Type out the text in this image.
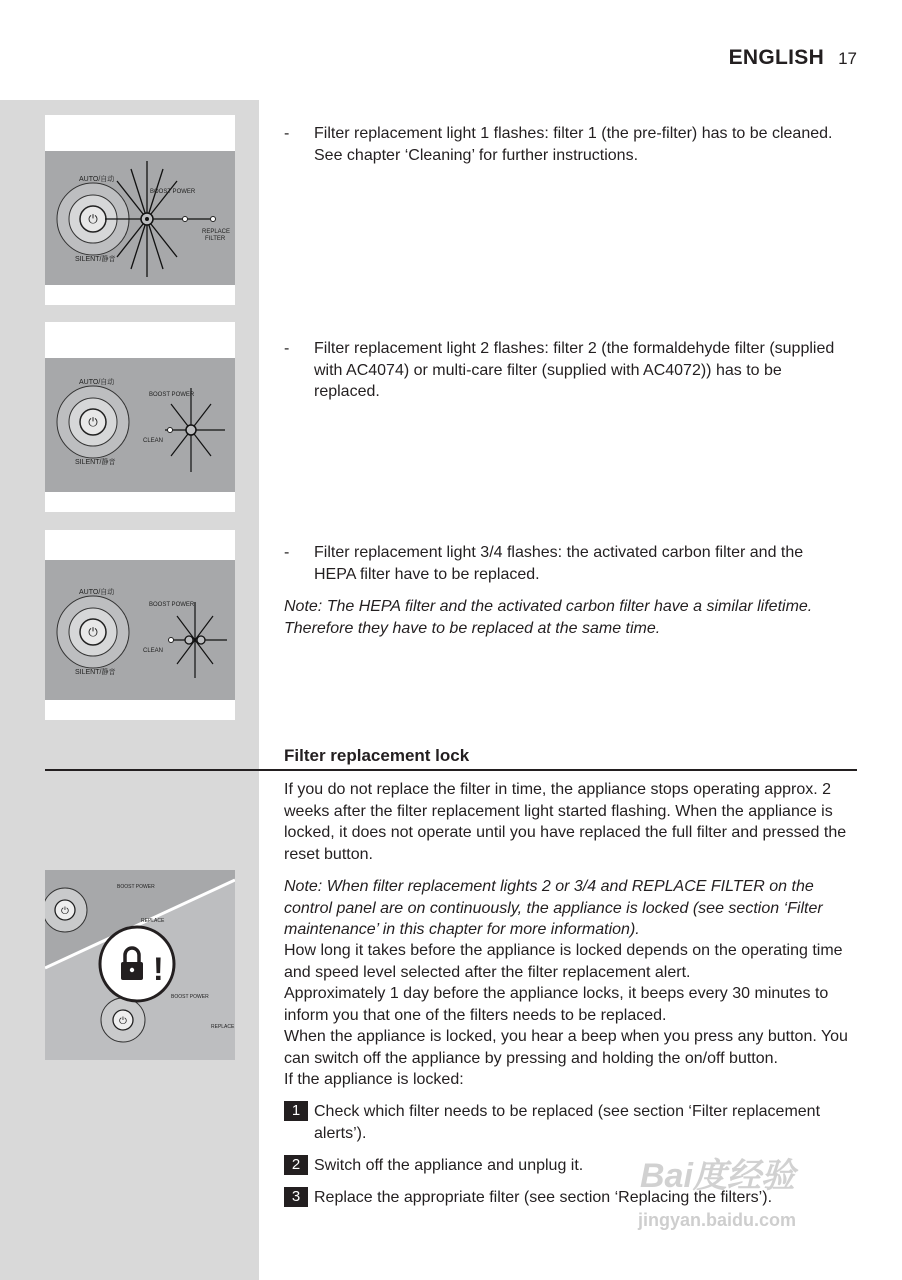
ENGLISH 17
⏻
AUTO/自动
SILENT/静音
BOOST POWER
REPLACE
FILTER
⏻
AUTO/自动
SILENT/静音
BOOST POWER
CLEAN
⏻
AUTO/自动
SILENT/静音
BOOST POWER
CLEAN
- Filter replacement light 1 flashes: filter 1 (the pre-filter) has to be cleaned. See chapter ‘Cleaning’ for further instructions.
- Filter replacement light 2 flashes: filter 2 (the formaldehyde filter (supplied with AC4074) or multi-care filter (supplied with AC4072)) has to be replaced.
- Filter replacement light 3/4 flashes: the activated carbon filter and the HEPA filter have to be replaced.
Note: The HEPA filter and the activated carbon filter have a similar lifetime. Therefore they have to be replaced at the same time.
Filter replacement lock
⏻
BOOST POWER
REPLACE
⏻
BOOST POWER
REPLACE
!
If you do not replace the filter in time, the appliance stops operating approx. 2 weeks after the filter replacement light started flashing. When the appliance is locked, it does not operate until you have replaced the full filter and pressed the reset button.
Note: When filter replacement lights 2 or 3/4 and REPLACE FILTER on the control panel are on continuously, the appliance is locked (see section ‘Filter maintenance’ in this chapter for more information).
How long it takes before the appliance is locked depends on the operating time and speed level selected after the filter replacement alert.
Approximately 1 day before the appliance locks, it beeps every 30 minutes to inform you that one of the filters needs to be replaced.
When the appliance is locked, you hear a beep when you press any button. You can switch off the appliance by pressing and holding the on/off button.
If the appliance is locked:
1 Check which filter needs to be replaced (see section ‘Filter replacement alerts’).
2 Switch off the appliance and unplug it.
3 Replace the appropriate filter (see section ‘Replacing the filters’).
Bai度经验
jingyan.baidu.com
